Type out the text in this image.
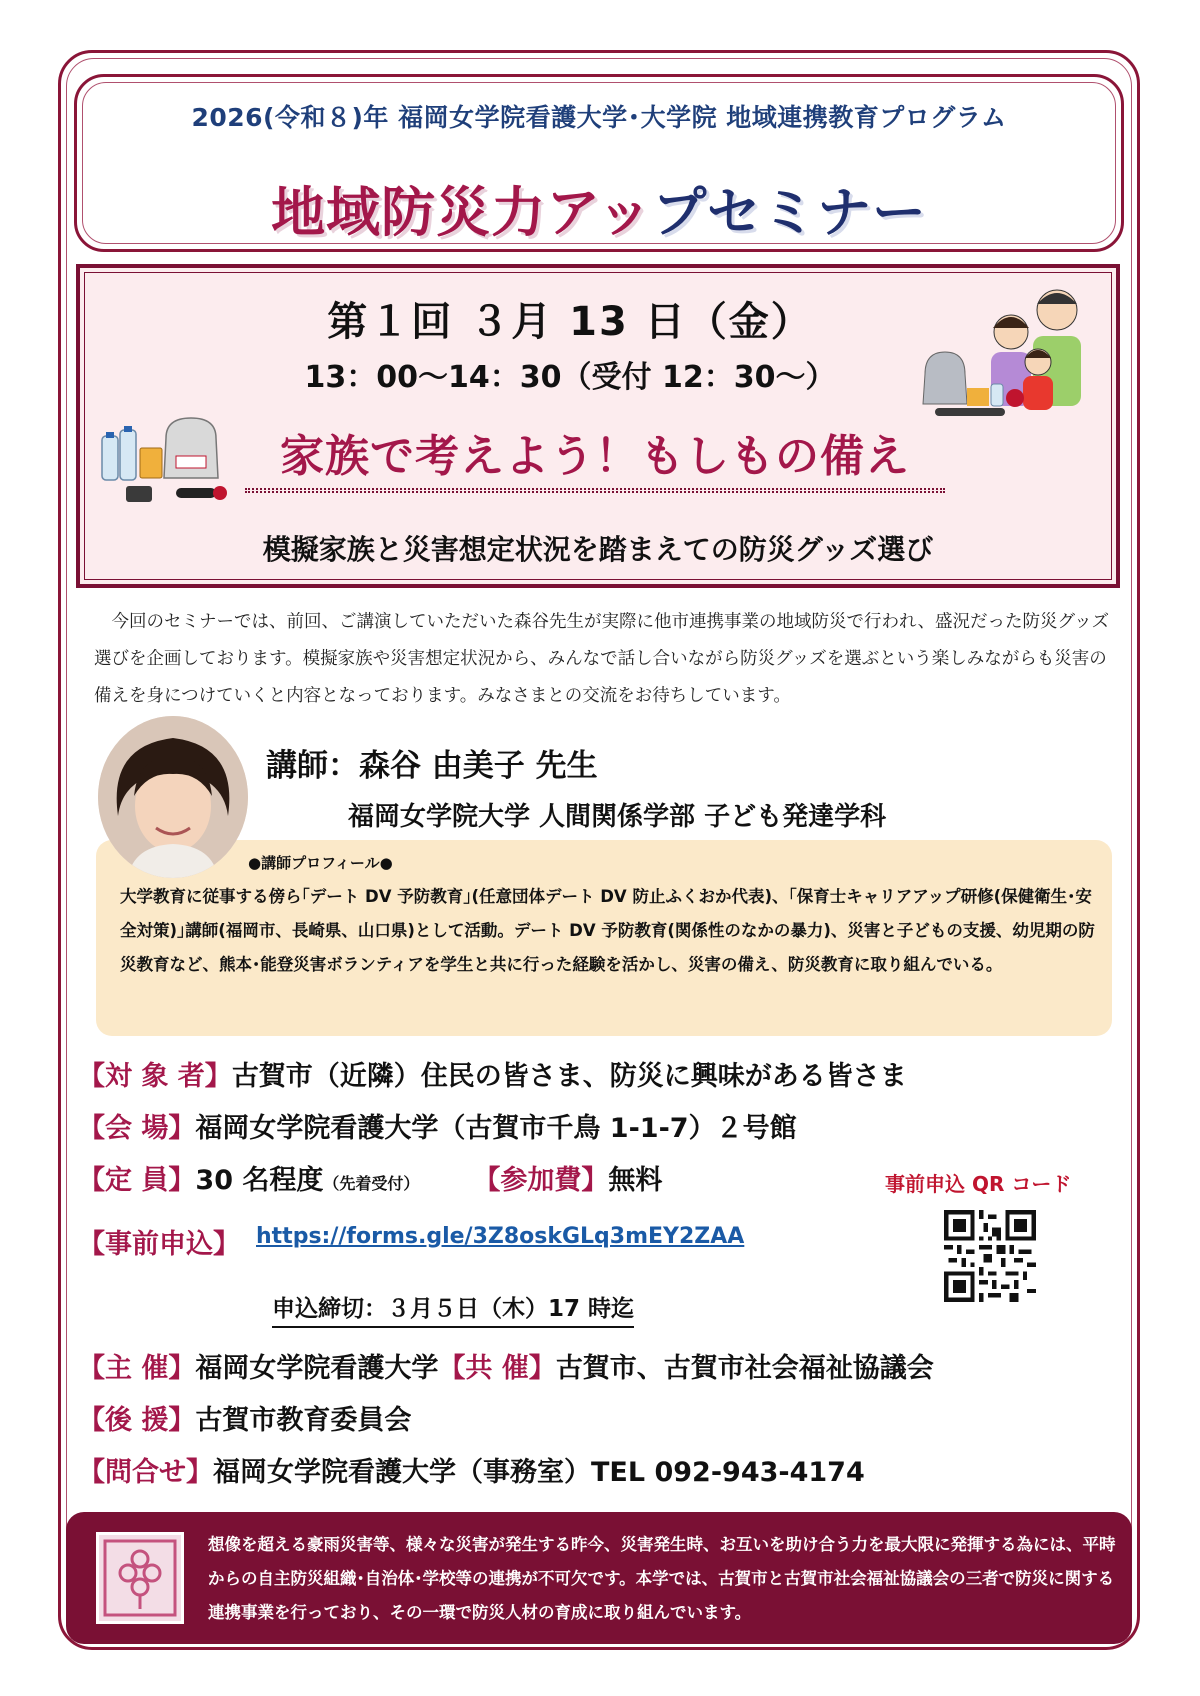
2026(令和８)年 福岡女学院看護大学･大学院 地域連携教育プログラム
地域防災力アップセミナー
第１回 ３月 13 日（金）
13：00～14：30（受付 12：30～）
家族で考えよう！もしもの備え
模擬家族と災害想定状況を踏まえての防災グッズ選び
 今回のセミナーでは、前回、ご講演していただいた森谷先生が実際に他市連携事業の地域防災で行われ、盛況だった防災グッズ選びを企画しております。模擬家族や災害想定状況から、みんなで話し合いながら防災グッズを選ぶという楽しみながらも災害の備えを身につけていくと内容となっております。みなさまとの交流をお待ちしています。
講師：森谷 由美子 先生
福岡女学院大学 人間関係学部 子ども発達学科
●講師プロフィール●
大学教育に従事する傍ら｢デート DV 予防教育｣(任意団体デート DV 防止ふくおか代表)、｢保育士キャリアアップ研修(保健衛生･安全対策)｣講師(福岡市、長崎県、山口県)として活動。デート DV 予防教育(関係性のなかの暴力)、災害と子どもの支援、幼児期の防災教育など、熊本･能登災害ボランティアを学生と共に行った経験を活かし、災害の備え、防災教育に取り組んでいる。
【対 象 者】古賀市（近隣）住民の皆さま、防災に興味がある皆さま
【会 場】福岡女学院看護大学（古賀市千鳥 1-1-7）２号館
【定 員】30 名程度（先着受付）   【参加費】無料	事前申込 QR コード
【事前申込】 https://forms.gle/3Z8oskGLq3mEY2ZAA
申込締切：３月５日（木）17 時迄
【主 催】福岡女学院看護大学【共 催】古賀市、古賀市社会福祉協議会
【後 援】古賀市教育委員会
【問合せ】福岡女学院看護大学（事務室）TEL 092-943-4174
想像を超える豪雨災害等、様々な災害が発生する昨今、災害発生時、お互いを助け合う力を最大限に発揮する為には、平時からの自主防災組織･自治体･学校等の連携が不可欠です。本学では、古賀市と古賀市社会福祉協議会の三者で防災に関する連携事業を行っており、その一環で防災人材の育成に取り組んでいます。
